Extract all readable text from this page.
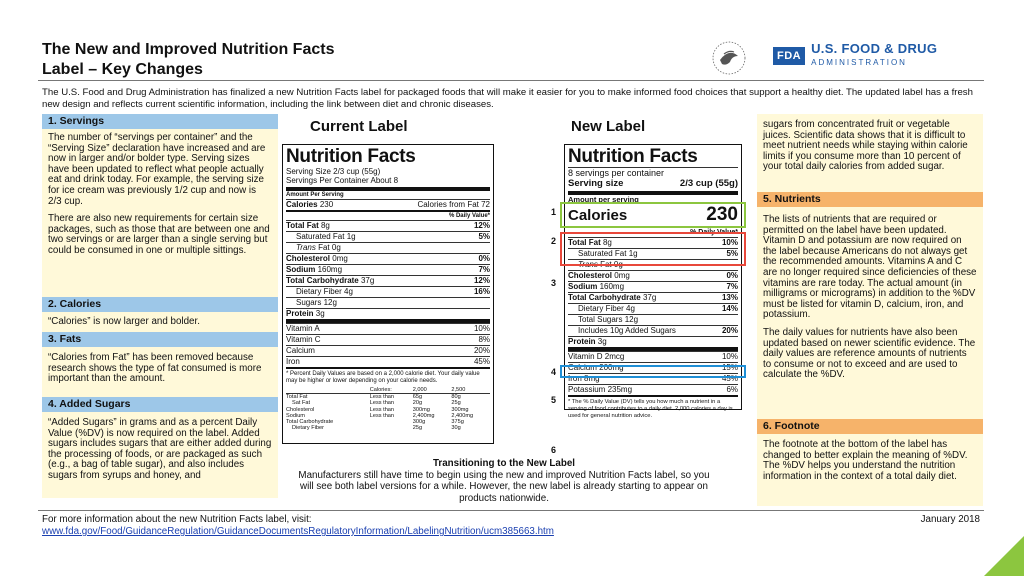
The New and Improved Nutrition Facts
Label – Key Changes
FDA U.S. FOOD & DRUG
ADMINISTRATION
The U.S. Food and Drug Administration has finalized a new Nutrition Facts label for packaged foods that will make it easier for you to make informed food choices that support a healthy diet. The updated label has a fresh new design and reflects current scientific information, including the link between diet and chronic diseases.
1. Servings
The number of “servings per container” and the “Serving Size” declaration have increased and are now in larger and/or bolder type. Serving sizes have been updated to reflect what people actually eat and drink today. For example, the serving size for ice cream was previously 1/2 cup and now is 2/3 cup.
There are also new requirements for certain size packages, such as those that are between one and two servings or are larger than a single serving but could be consumed in one or multiple sittings.
2. Calories
“Calories” is now larger and bolder.
3. Fats
“Calories from Fat” has been removed because research shows the type of fat consumed is more important than the amount.
4. Added Sugars
“Added Sugars” in grams and as a percent Daily Value (%DV) is now required on the label. Added sugars includes sugars that are either added during the processing of foods, or are packaged as such (e.g., a bag of table sugar), and also includes sugars from syrups and honey, and
Current Label	New Label
Nutrition Facts
Serving Size 2/3 cup (55g)
Servings Per Container About 8
Amount Per Serving
Calories 230	Calories from Fat 72
% Daily Value*
Total Fat 8g	12%
Saturated Fat 1g	5%
Trans Fat 0g
Cholesterol 0mg	0%
Sodium 160mg	7%
Total Carbohydrate 37g	12%
Dietary Fiber 4g	16%
Sugars 12g
Protein 3g
Vitamin A	10%
Vitamin C	8%
Calcium	20%
Iron	45%
* Percent Daily Values are based on a 2,000 calorie diet. Your daily value may be higher or lower depending on your calorie needs.
	Calories:	2,000	2,500
Total Fat	Less than	65g	80g
Sat Fat	Less than	20g	25g
Cholesterol	Less than	300mg	300mg
Sodium	Less than	2,400mg	2,400mg
Total Carbohydrate		300g	375g
Dietary Fiber		25g	30g
Nutrition Facts
8 servings per container
Serving size	2/3 cup (55g)
Amount per serving
Calories	230
% Daily Value*
Total Fat 8g	10%
Saturated Fat 1g	5%
Trans Fat 0g
Cholesterol 0mg	0%
Sodium 160mg	7%
Total Carbohydrate 37g	13%
Dietary Fiber 4g	14%
Total Sugars 12g
Includes 10g Added Sugars	20%
Protein 3g
Vitamin D 2mcg	10%
Calcium 200mg	15%
Iron 8mg	45%
Potassium 235mg	6%
* The % Daily Value (DV) tells you how much a nutrient in a serving of food contributes to a daily diet. 2,000 calories a day is used for general nutrition advice.
1
2
3
4
5
6
Transitioning to the New Label
Manufacturers still have time to begin using the new and improved Nutrition Facts label, so you will see both label versions for a while. However, the new label is already starting to appear on products nationwide.
sugars from concentrated fruit or vegetable juices. Scientific data shows that it is difficult to meet nutrient needs while staying within calorie limits if you consume more than 10 percent of your total daily calories from added sugar.
5. Nutrients
The lists of nutrients that are required or permitted on the label have been updated. Vitamin D and potassium are now required on the label because Americans do not always get the recommended amounts. Vitamins A and C are no longer required since deficiencies of these vitamins are rare today. The actual amount (in milligrams or micrograms) in addition to the %DV must be listed for vitamin D, calcium, iron, and potassium.
The daily values for nutrients have also been updated based on newer scientific evidence. The daily values are reference amounts of nutrients to consume or not to exceed and are used to calculate the %DV.
6. Footnote
The footnote at the bottom of the label has changed to better explain the meaning of %DV. The %DV helps you understand the nutrition information in the context of a total daily diet.
For more information about the new Nutrition Facts label, visit:
www.fda.gov/Food/GuidanceRegulation/GuidanceDocumentsRegulatoryInformation/LabelingNutrition/ucm385663.htm
January 2018
